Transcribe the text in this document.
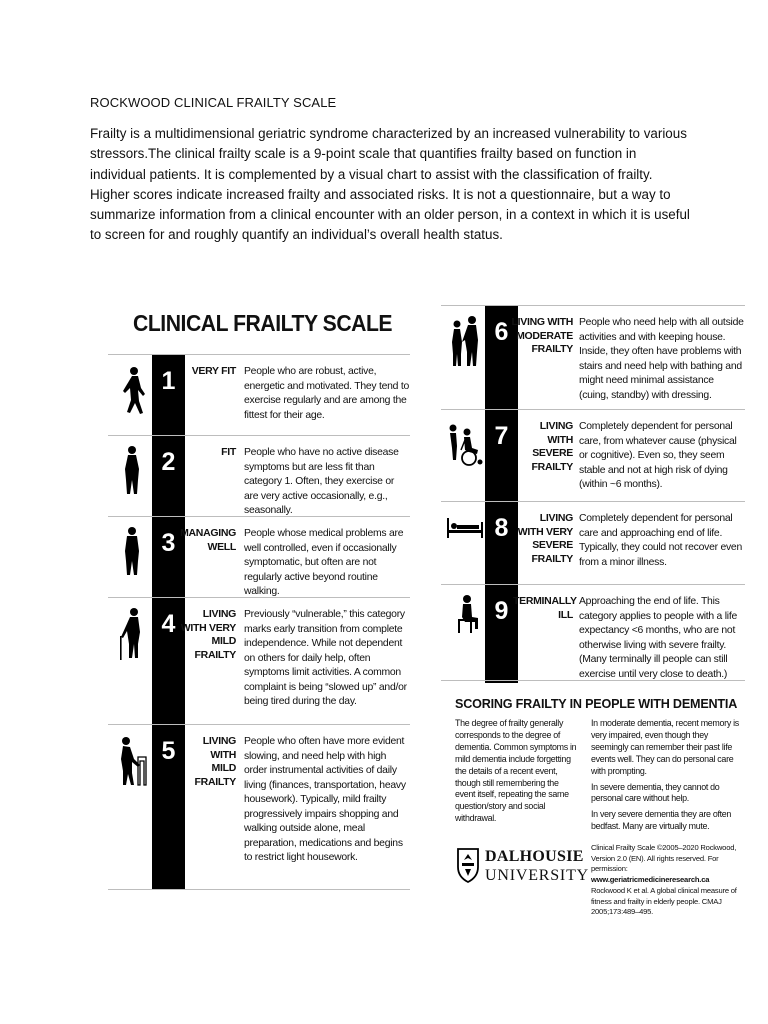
ROCKWOOD CLINICAL FRAILTY SCALE

Frailty is a multidimensional geriatric syndrome characterized by an increased vulnerability to various stressors.The clinical frailty scale is a 9-point scale that quantifies frailty based on function in individual patients. It is complemented by a visual chart to assist with the classification of frailty. Higher scores indicate increased frailty and associated risks. It is not a questionnaire, but a way to summarize information from a clinical encounter with an older person, in a context in which it is useful to screen for and roughly quantify an individual’s overall health status.

CLINICAL FRAILTY SCALE
1	VERY FIT People who are robust, active, energetic and motivated. They tend to exercise regularly and are among the fittest for their age.
2	FIT People who have no active disease symptoms but are less fit than category 1. Often, they exercise or are very active occasionally, e.g., seasonally.
3 MANAGING WELL
People whose medical problems are well controlled, even if occasionally symptomatic, but often are not regularly active beyond routine walking.
4	LIVING WITH VERY MILD FRAILTY
Previously “vulnerable,” this category marks early transition from complete independence. While not dependent on others for daily help, often symptoms limit activities. A common complaint is being “slowed up” and/or being tired during the day.
5	LIVING WITH MILD FRAILTY
People who often have more evident slowing, and need help with high order instrumental activities of daily living (finances, transportation, heavy housework). Typically, mild frailty progressively impairs shopping and walking outside alone, meal preparation, medications and begins to restrict light housework.
6 LIVING WITH MODERATE FRAILTY
People who need help with all outside activities and with keeping house. Inside, they often have problems with stairs and need help with bathing and might need minimal assistance (cuing, standby) with dressing.
7	LIVING WITH SEVERE FRAILTY
Completely dependent for personal care, from whatever cause (physical or cognitive). Even so, they seem stable and not at high risk of dying (within ~6 months).
8	LIVING WITH VERY SEVERE FRAILTY
Completely dependent for personal care and approaching end of life. Typically, they could not recover even from a minor illness.
9 TERMINALLY ILL
Approaching the end of life. This category applies to people with a life expectancy <6 months, who are not otherwise living with severe frailty. (Many terminally ill people can still exercise until very close to death.)
SCORING FRAILTY IN PEOPLE WITH DEMENTIA
The degree of frailty generally corresponds to the degree of dementia. Common symptoms in mild dementia include forgetting the details of a recent event, though still remembering the event itself, repeating the same question/story and social withdrawal.

In moderate dementia, recent memory is very impaired, even though they seemingly can remember their past life events well. They can do personal care with prompting.

In severe dementia, they cannot do personal care without help.

In very severe dementia they are often bedfast. Many are virtually mute.

DALHOUSIE
UNIVERSITY
Clinical Frailty Scale ©2005–2020 Rockwood, Version 2.0 (EN). All rights reserved. For permission:
www.geriatricmedicineresearch.ca
Rockwood K et al. A global clinical measure of fitness and frailty in elderly people. CMAJ 2005;173:489–495.
